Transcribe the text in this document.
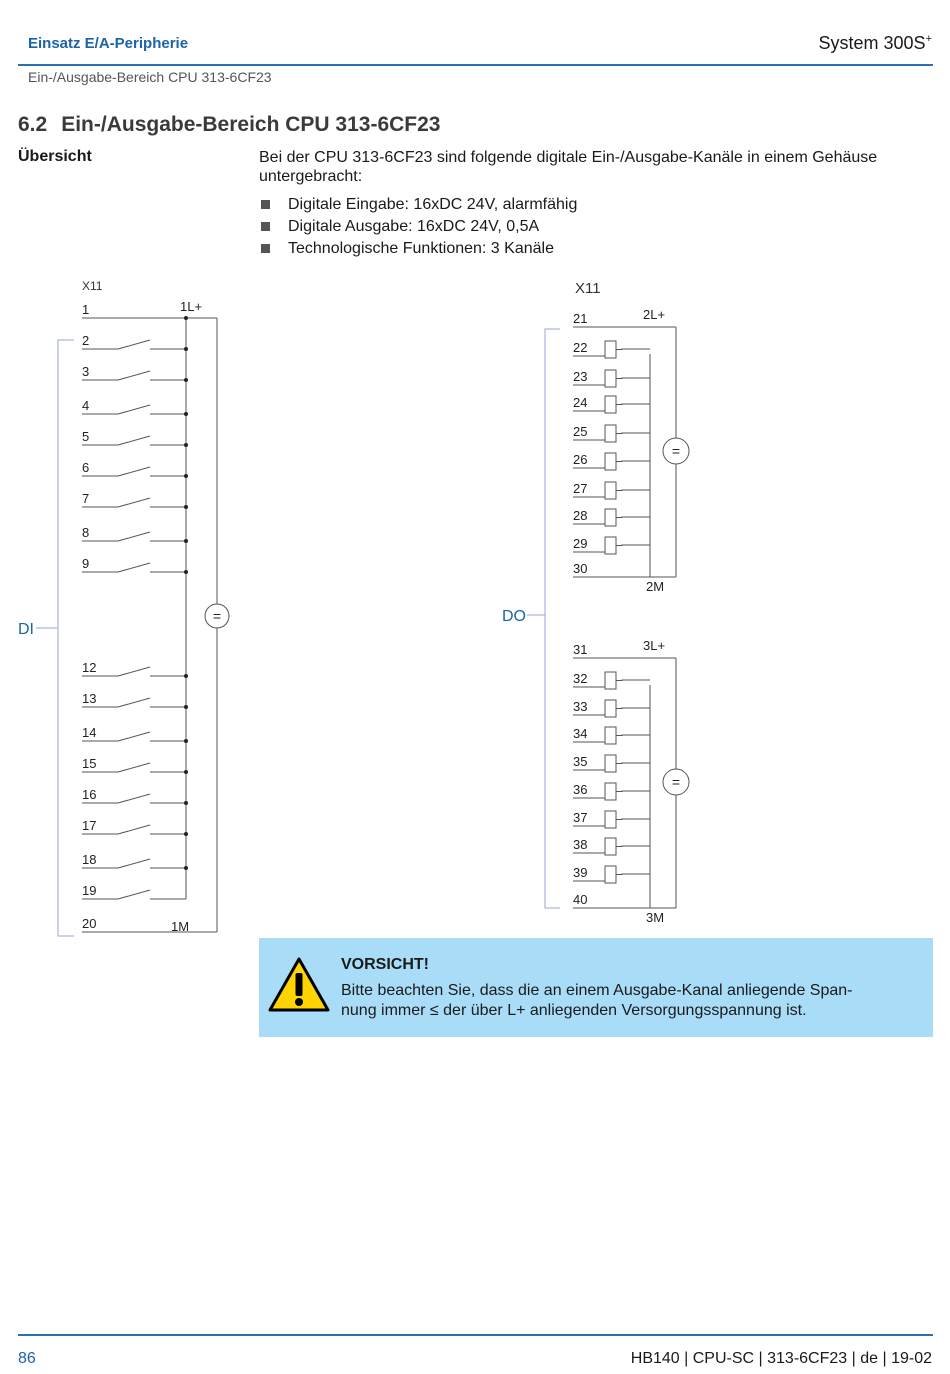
Einsatz E/A-Peripherie	System 300S+
Ein-/Ausgabe-Bereich CPU 313-6CF23
6.2 Ein-/Ausgabe-Bereich CPU 313-6CF23
Übersicht	Bei der CPU 313-6CF23 sind folgende digitale Ein-/Ausgabe-Kanäle in einem Gehäuse untergebracht:
Digitale Eingabe: 16xDC 24V, alarmfähig
Digitale Ausgabe: 16xDC 24V, 0,5A
Technologische Funktionen: 3 Kanäle
X11
1L+
1M
=
1
2
3
4
5
6
7
8
9
12
13
14
15
16
17
18
19
20
DI
X11
2L+
2M
=
21
22
23
24
25
26
27
28
29
30
3L+
3M
=
31
32
33
34
35
36
37
38
39
40
DO
VORSICHT!
Bitte beachten Sie, dass die an einem Ausgabe-Kanal anliegende Span-
nung immer ≤ der über L+ anliegenden Versorgungsspannung ist.
86	HB140 | CPU-SC | 313-6CF23 | de | 19-02
